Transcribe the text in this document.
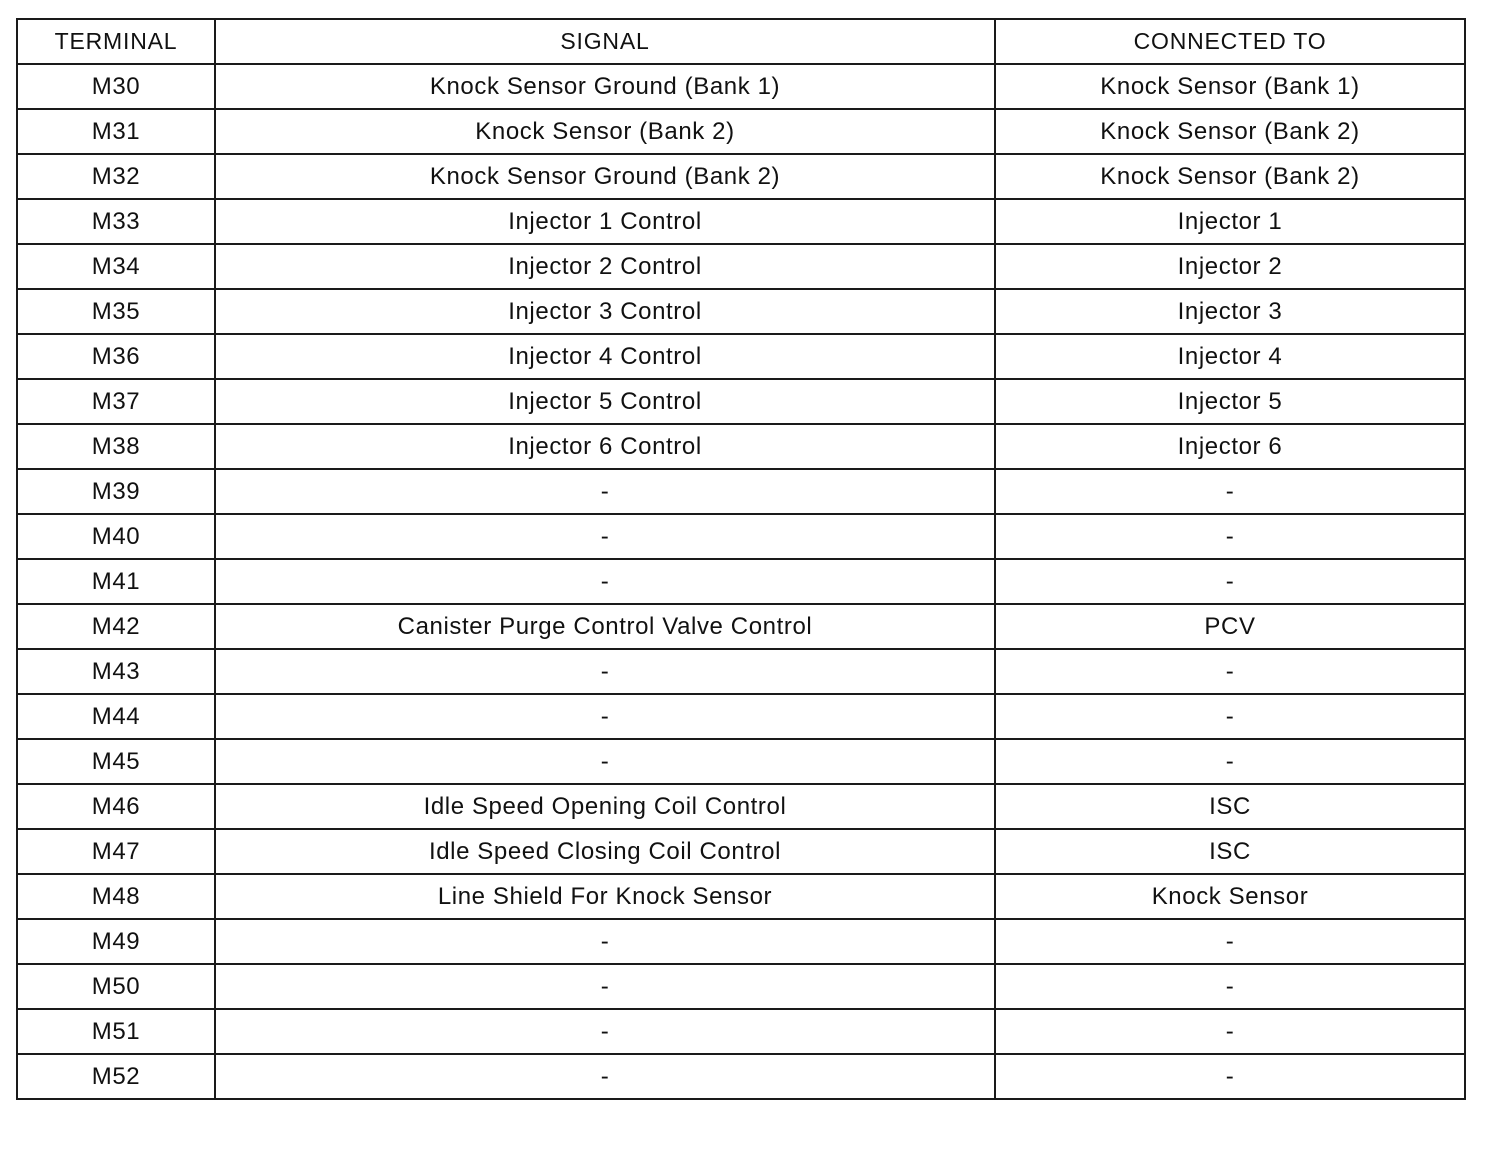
TERMINAL	SIGNAL	CONNECTED TO
M30	Knock Sensor Ground (Bank 1)	Knock Sensor (Bank 1)
M31	Knock Sensor (Bank 2)	Knock Sensor (Bank 2)
M32	Knock Sensor Ground (Bank 2)	Knock Sensor (Bank 2)
M33	Injector 1 Control	Injector 1
M34	Injector 2 Control	Injector 2
M35	Injector 3 Control	Injector 3
M36	Injector 4 Control	Injector 4
M37	Injector 5 Control	Injector 5
M38	Injector 6 Control	Injector 6
M39	-	-
M40	-	-
M41	-	-
M42	Canister Purge Control Valve Control	PCV
M43	-	-
M44	-	-
M45	-	-
M46	Idle Speed Opening Coil Control	ISC
M47	Idle Speed Closing Coil Control	ISC
M48	Line Shield For Knock Sensor	Knock Sensor
M49	-	-
M50	-	-
M51	-	-
M52	-	-
